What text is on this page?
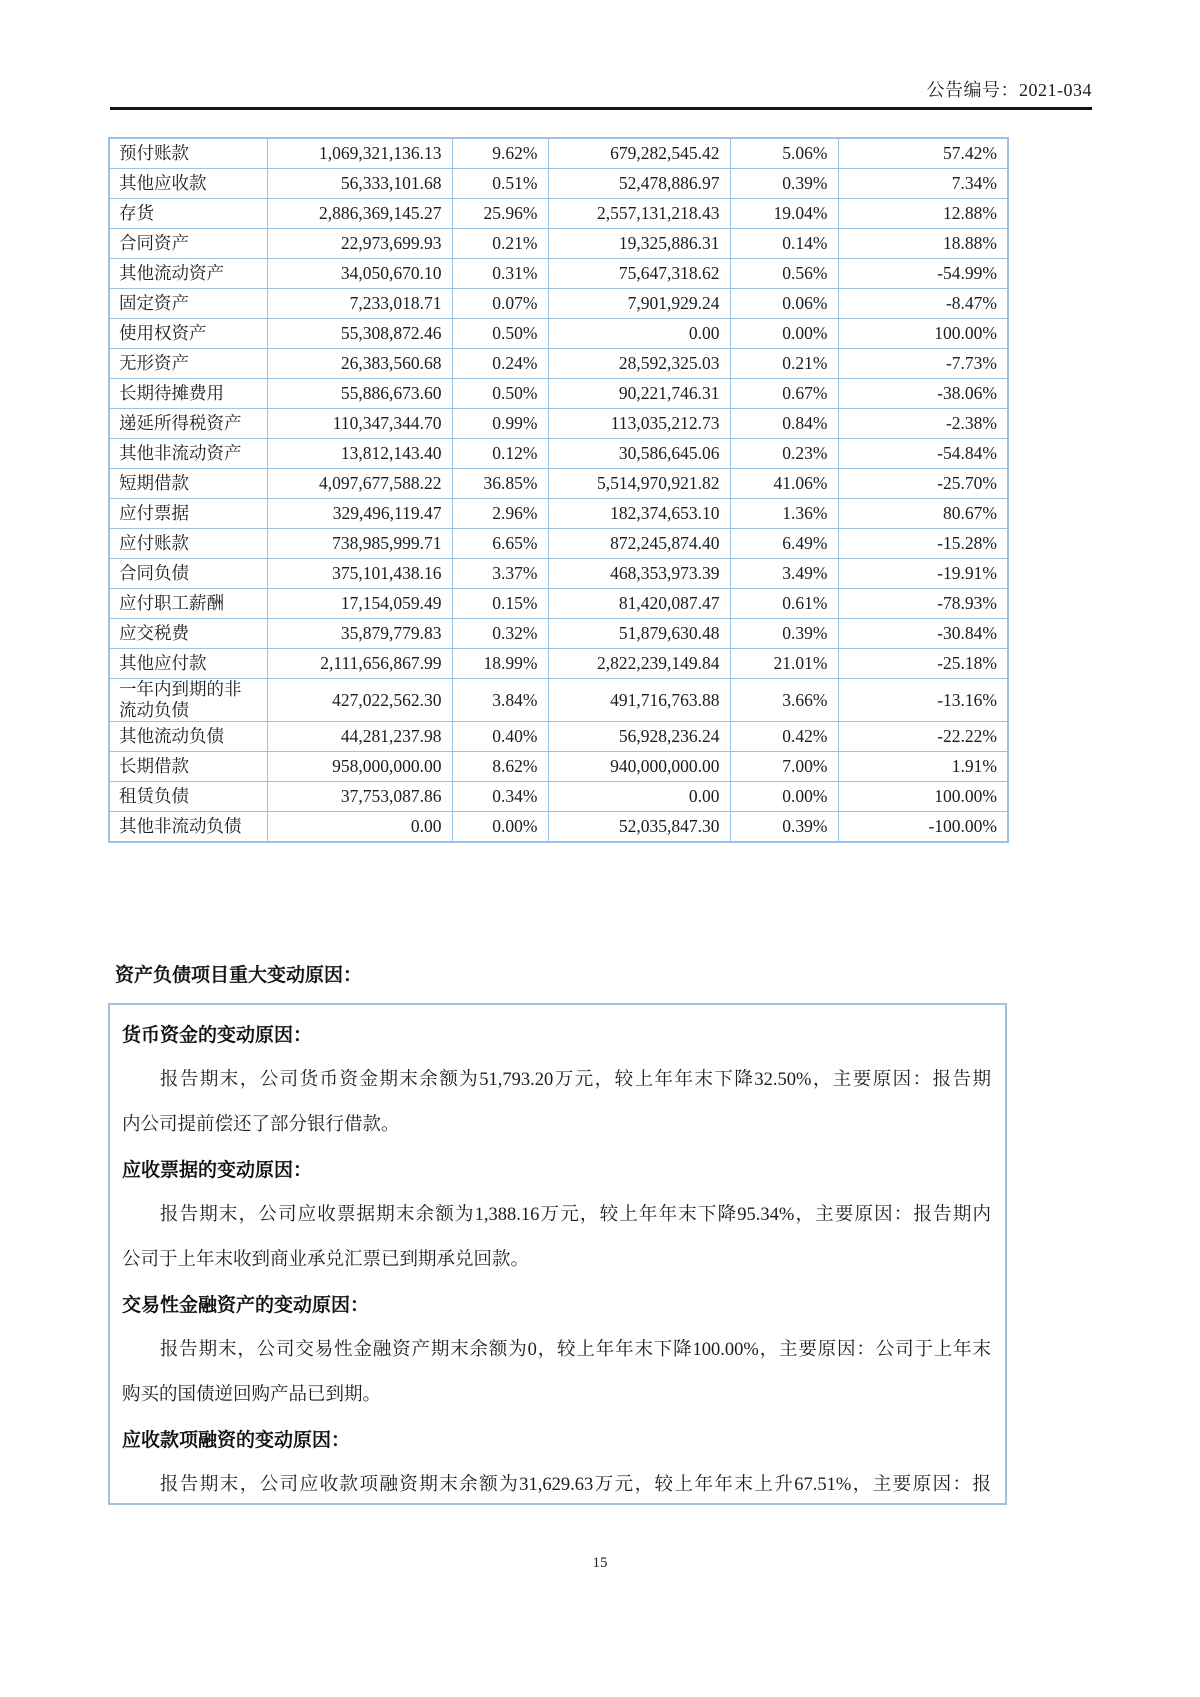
公告编号：2021-034
预付账款	1,069,321,136.13	9.62%	679,282,545.42	5.06%	57.42%
其他应收款	56,333,101.68	0.51%	52,478,886.97	0.39%	7.34%
存货	2,886,369,145.27	25.96%	2,557,131,218.43	19.04%	12.88%
合同资产	22,973,699.93	0.21%	19,325,886.31	0.14%	18.88%
其他流动资产	34,050,670.10	0.31%	75,647,318.62	0.56%	-54.99%
固定资产	7,233,018.71	0.07%	7,901,929.24	0.06%	-8.47%
使用权资产	55,308,872.46	0.50%	0.00	0.00%	100.00%
无形资产	26,383,560.68	0.24%	28,592,325.03	0.21%	-7.73%
长期待摊费用	55,886,673.60	0.50%	90,221,746.31	0.67%	-38.06%
递延所得税资产	110,347,344.70	0.99%	113,035,212.73	0.84%	-2.38%
其他非流动资产	13,812,143.40	0.12%	30,586,645.06	0.23%	-54.84%
短期借款	4,097,677,588.22	36.85%	5,514,970,921.82	41.06%	-25.70%
应付票据	329,496,119.47	2.96%	182,374,653.10	1.36%	80.67%
应付账款	738,985,999.71	6.65%	872,245,874.40	6.49%	-15.28%
合同负债	375,101,438.16	3.37%	468,353,973.39	3.49%	-19.91%
应付职工薪酬	17,154,059.49	0.15%	81,420,087.47	0.61%	-78.93%
应交税费	35,879,779.83	0.32%	51,879,630.48	0.39%	-30.84%
其他应付款	2,111,656,867.99	18.99%	2,822,239,149.84	21.01%	-25.18%
一年内到期的非流动负债	427,022,562.30	3.84%	491,716,763.88	3.66%	-13.16%
其他流动负债	44,281,237.98	0.40%	56,928,236.24	0.42%	-22.22%
长期借款	958,000,000.00	8.62%	940,000,000.00	7.00%	1.91%
租赁负债	37,753,087.86	0.34%	0.00	0.00%	100.00%
其他非流动负债	0.00	0.00%	52,035,847.30	0.39%	-100.00%
资产负债项目重大变动原因：
货币资金的变动原因：
报告期末，公司货币资金期末余额为51,793.20万元，较上年年末下降32.50%，主要原因：报告期
内公司提前偿还了部分银行借款。
应收票据的变动原因：
报告期末，公司应收票据期末余额为1,388.16万元，较上年年末下降95.34%，主要原因：报告期内
公司于上年末收到商业承兑汇票已到期承兑回款。
交易性金融资产的变动原因：
报告期末，公司交易性金融资产期末余额为0，较上年年末下降100.00%，主要原因：公司于上年末
购买的国债逆回购产品已到期。
应收款项融资的变动原因：
报告期末，公司应收款项融资期末余额为31,629.63万元，较上年年末上升67.51%，主要原因：报
15
